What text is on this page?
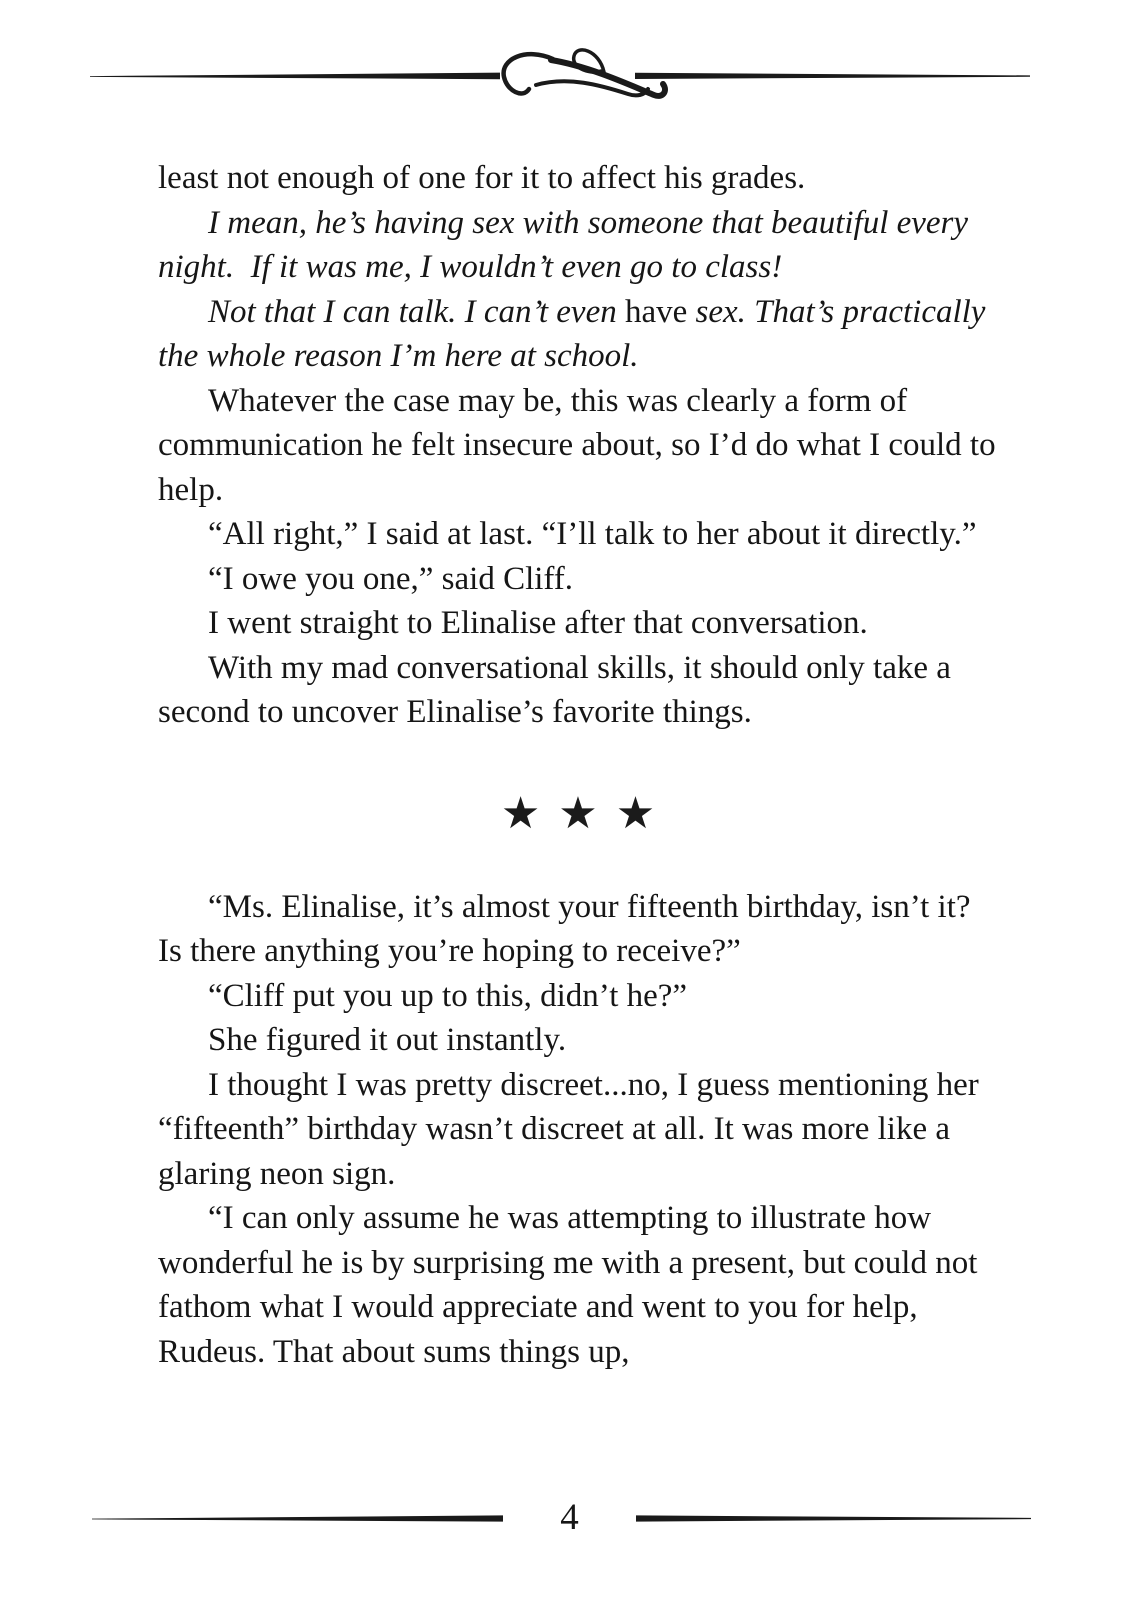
least not enough of one for it to affect his grades.

I mean, he’s having sex with someone that beautiful every night.  If it was me, I wouldn’t even go to class!

Not that I can talk. I can’t even have sex. That’s practically the whole reason I’m here at school.

Whatever the case may be, this was clearly a form of communication he felt insecure about, so I’d do what I could to help.

“All right,” I said at last. “I’ll talk to her about it directly.”

“I owe you one,” said Cliff.

I went straight to Elinalise after that conversation.

With my mad conversational skills, it should only take a second to uncover Elinalise’s favorite things.

★ ★ ★

“Ms. Elinalise, it’s almost your fifteenth birthday, isn’t it? Is there anything you’re hoping to receive?”

“Cliff put you up to this, didn’t he?”

She figured it out instantly.

I thought I was pretty discreet...no, I guess mentioning her “fifteenth” birthday wasn’t discreet at all. It was more like a glaring neon sign.

“I can only assume he was attempting to illustrate how wonderful he is by surprising me with a present, but could not fathom what I would appreciate and went to you for help, Rudeus. That about sums things up,

4
